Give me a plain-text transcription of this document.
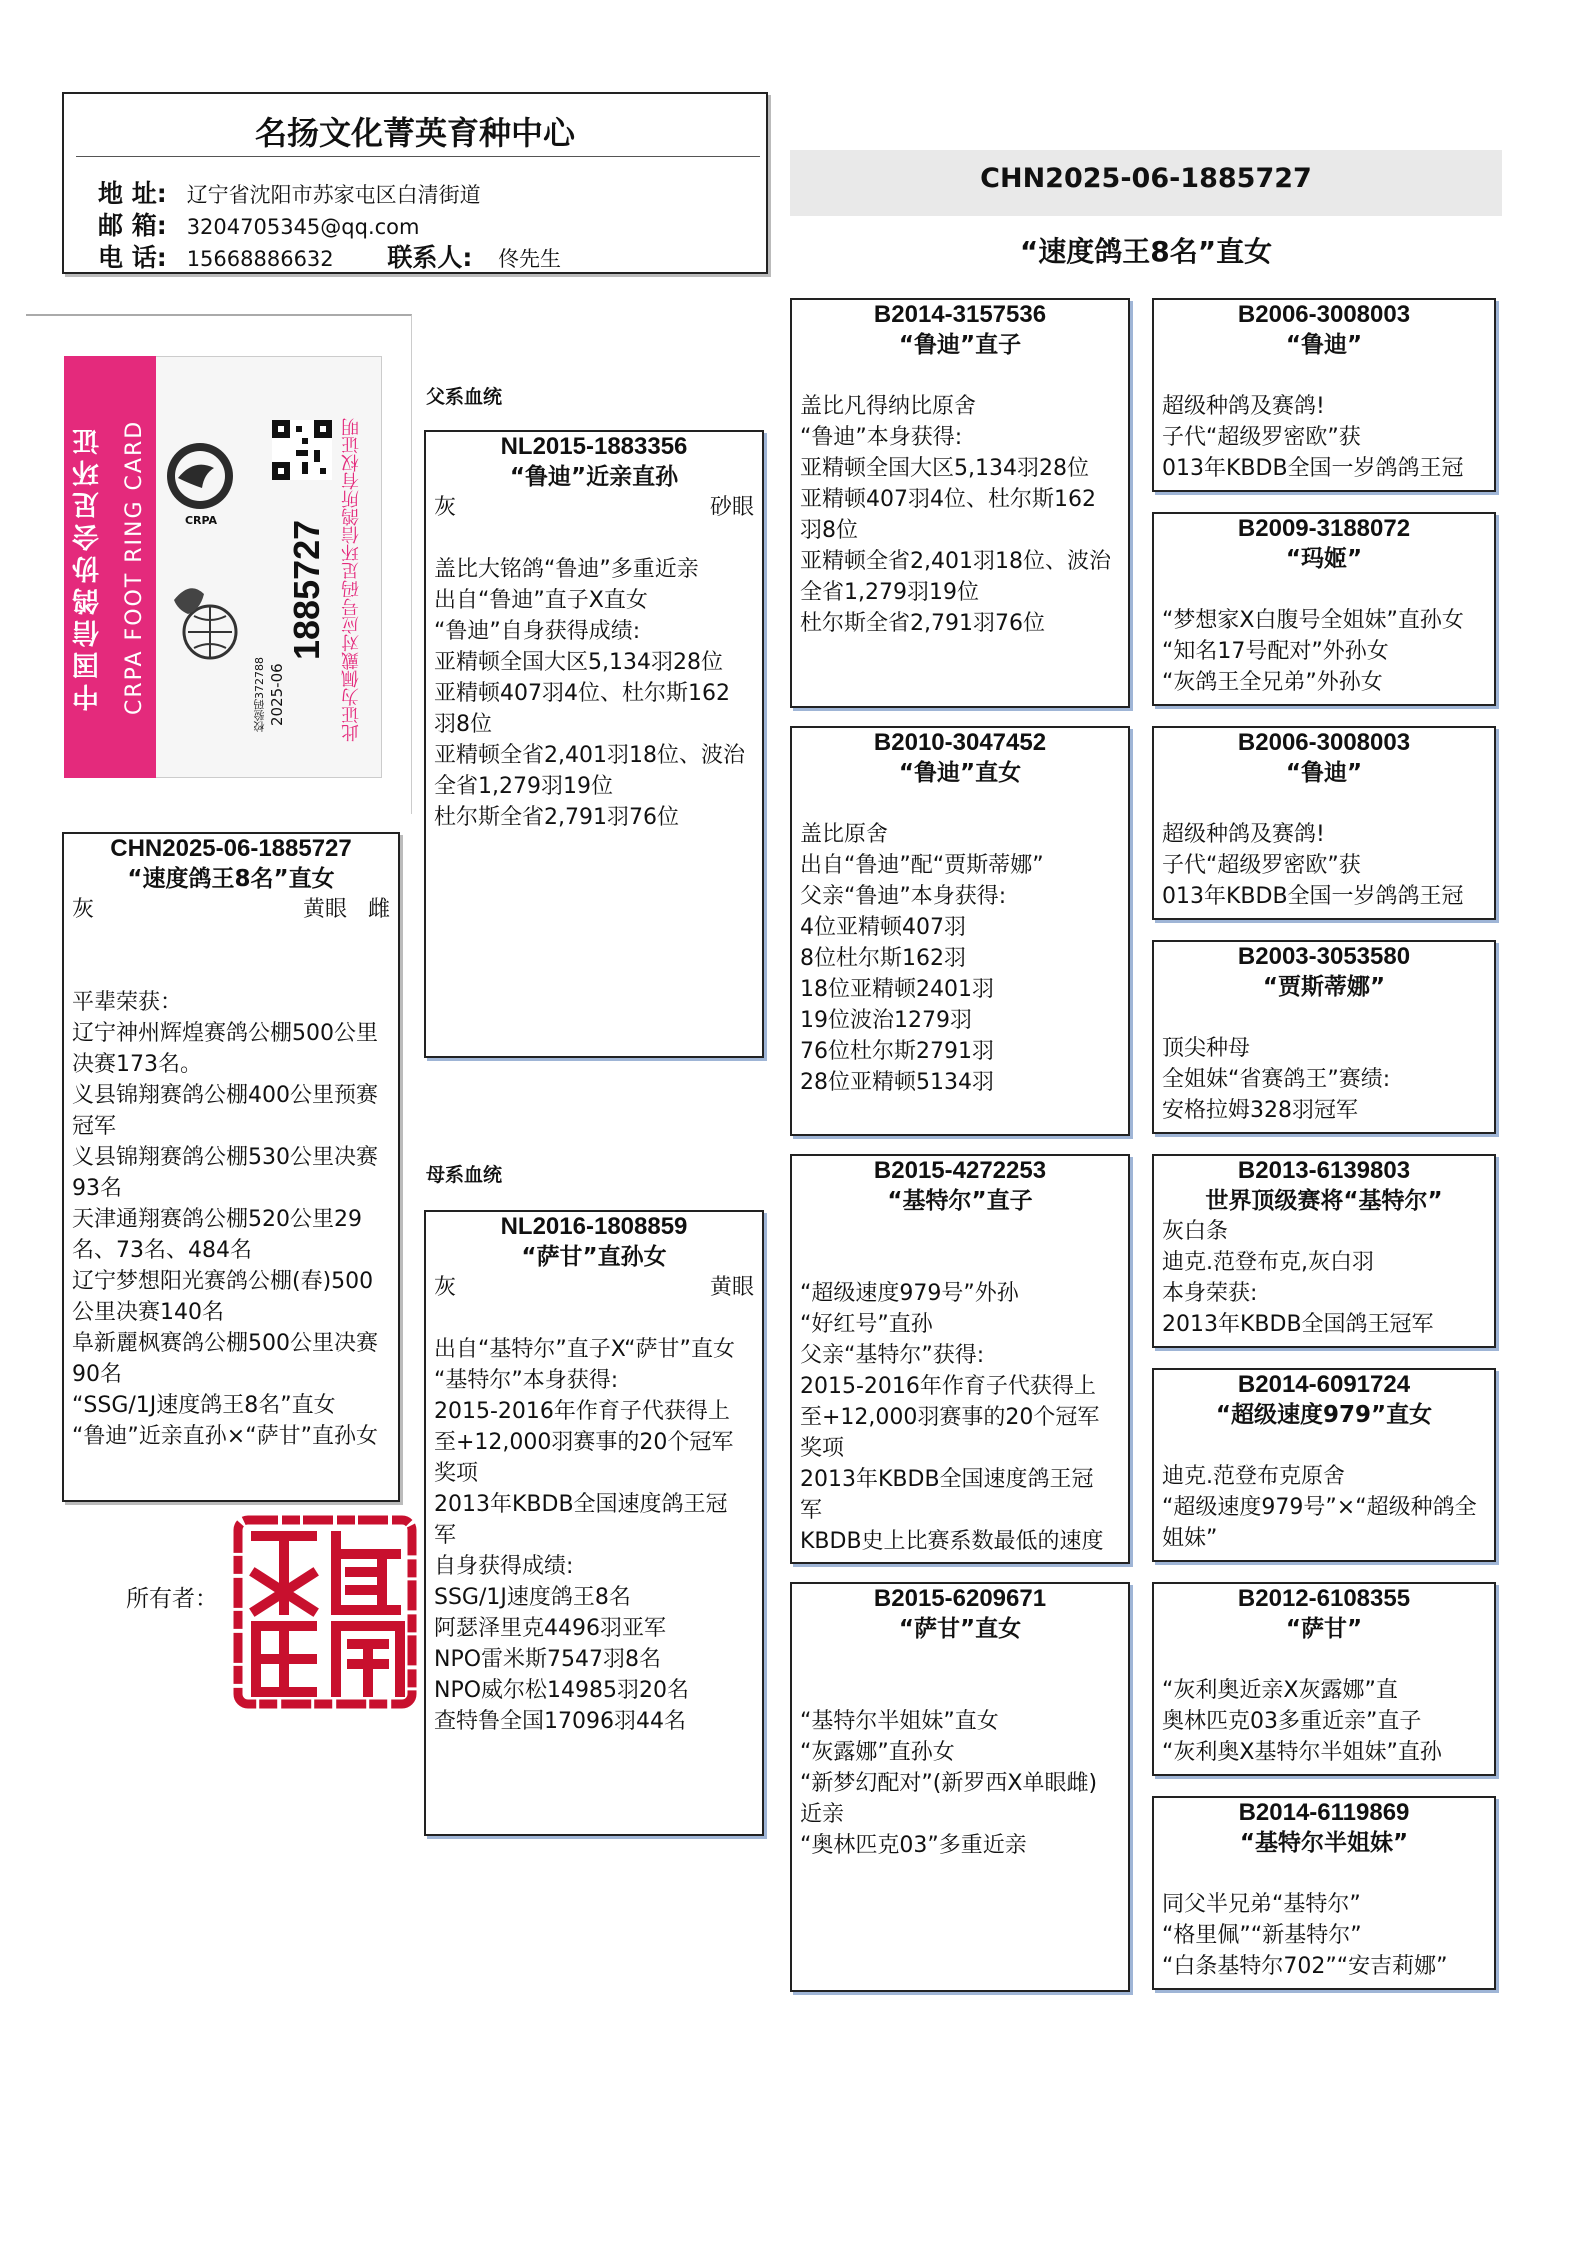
名扬文化菁英育种中心
地 址: 辽宁省沈阳市苏家屯区白清街道
邮 箱: 3204705345@qq.com
电 话: 15668886632 联系人: 佟先生
CHN2025-06-1885727
“速度鸽王8名”直女
中国信鸽协会足环证 CRPA FOOT RING CARD	CRPA 1885727
2025-06
校验码372788	此证为佩戴对应号码足环信鸽所有权证明
父系血统
母系血统
CHN2025-06-1885727
“速度鸽王8名”直女
灰	黄眼 雌
平辈荣获：
辽宁神州辉煌赛鸽公棚500公里
决赛173名。
义县锦翔赛鸽公棚400公里预赛
冠军
义县锦翔赛鸽公棚530公里决赛
93名
天津通翔赛鸽公棚520公里29
名、73名、484名
辽宁梦想阳光赛鸽公棚(春)500
公里决赛140名
阜新麗枫赛鸽公棚500公里决赛
90名
“SSG/1J速度鸽王8名”直女
“鲁迪”近亲直孙×“萨甘”直孙女
NL2015-1883356
“鲁迪”近亲直孙
灰	砂眼
盖比大铭鸽“鲁迪”多重近亲
出自“鲁迪”直子X直女
“鲁迪”自身获得成绩:
亚精顿全国大区5,134羽28位
亚精顿407羽4位、杜尔斯162
羽8位
亚精顿全省2,401羽18位、波治
全省1,279羽19位
杜尔斯全省2,791羽76位
NL2016-1808859
“萨甘”直孙女
灰	黄眼
出自“基特尔”直子X“萨甘”直女
“基特尔”本身获得:
2015-2016年作育子代获得上
至+12,000羽赛事的20个冠军
奖项
2013年KBDB全国速度鸽王冠
军
自身获得成绩:
SSG/1J速度鸽王8名
阿瑟泽里克4496羽亚军
NPO雷米斯7547羽8名
NPO威尔松14985羽20名
查特鲁全国17096羽44名
B2014-3157536
“鲁迪”直子
盖比凡得纳比原舍
“鲁迪”本身获得:
亚精顿全国大区5,134羽28位
亚精顿407羽4位、杜尔斯162
羽8位
亚精顿全省2,401羽18位、波治
全省1,279羽19位
杜尔斯全省2,791羽76位
B2010-3047452
“鲁迪”直女
盖比原舍
出自“鲁迪”配“贾斯蒂娜”
父亲“鲁迪”本身获得:
4位亚精顿407羽
8位杜尔斯162羽
18位亚精顿2401羽
19位波治1279羽
76位杜尔斯2791羽
28位亚精顿5134羽
B2015-4272253
“基特尔”直子
“超级速度979号”外孙
“好红号”直孙
父亲“基特尔”获得:
2015-2016年作育子代获得上
至+12,000羽赛事的20个冠军
奖项
2013年KBDB全国速度鸽王冠
军
KBDB史上比赛系数最低的速度
B2015-6209671
“萨甘”直女
“基特尔半姐妹”直女
“灰露娜”直孙女
“新梦幻配对”(新罗西X单眼雌)
近亲
“奥林匹克03”多重近亲
B2006-3008003
“鲁迪”
超级种鸽及赛鸽!
子代“超级罗密欧”获
013年KBDB全国一岁鸽鸽王冠
B2009-3188072
“玛姬”
“梦想家X白腹号全姐妹”直孙女
“知名17号配对”外孙女
“灰鸽王全兄弟”外孙女
B2006-3008003
“鲁迪”
超级种鸽及赛鸽!
子代“超级罗密欧”获
013年KBDB全国一岁鸽鸽王冠
B2003-3053580
“贾斯蒂娜”
顶尖种母
全姐妹“省赛鸽王”赛绩:
安格拉姆328羽冠军
B2013-6139803
世界顶级赛将“基特尔”
灰白条
迪克.范登布克,灰白羽
本身荣获:
2013年KBDB全国鸽王冠军
B2014-6091724
“超级速度979”直女
迪克.范登布克原舍
“超级速度979号”×“超级种鸽全
姐妹”
B2012-6108355
“萨甘”
“灰利奥近亲X灰露娜”直
奥林匹克03多重近亲”直子
“灰利奥X基特尔半姐妹”直孙
B2014-6119869
“基特尔半姐妹”
同父半兄弟“基特尔”
“格里佩”“新基特尔”
“白条基特尔702”“安吉莉娜”
所有者：
